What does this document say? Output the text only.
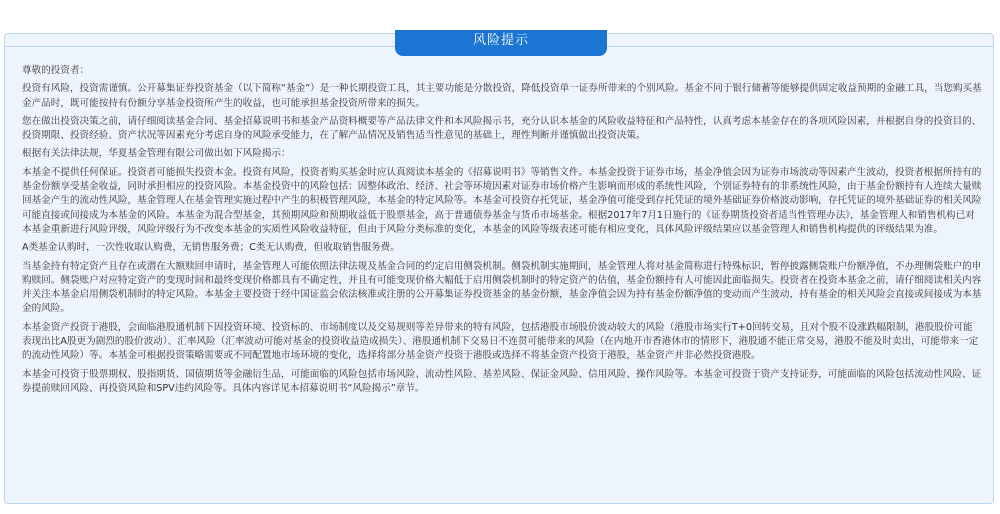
风险提示

尊敬的投资者：

投资有风险，投资需谨慎。公开募集证券投资基金（以下简称“基金”）是一种长期投资工具，其主要功能是分散投资，降低投资单一证券所带来的个别风险。基金不同于银行储蓄等能够提供固定收益预期的金融工具，当您购买基金产品时，既可能按持有份额分享基金投资所产生的收益，也可能承担基金投资所带来的损失。

您在做出投资决策之前，请仔细阅读基金合同、基金招募说明书和基金产品资料概要等产品法律文件和本风险揭示书，充分认识本基金的风险收益特征和产品特性，认真考虑本基金存在的各项风险因素，并根据自身的投资目的、投资期限、投资经验、资产状况等因素充分考虑自身的风险承受能力，在了解产品情况及销售适当性意见的基础上，理性判断并谨慎做出投资决策。

根据有关法律法规，华夏基金管理有限公司做出如下风险揭示：

本基金不提供任何保证。投资者可能损失投资本金。投资有风险，投资者购买基金时应认真阅读本基金的《招募说明书》等销售文件。本基金投资于证券市场，基金净值会因为证券市场波动等因素产生波动，投资者根据所持有的基金份额享受基金收益，同时承担相应的投资风险。本基金投资中的风险包括：因整体政治、经济、社会等环境因素对证券市场价格产生影响而形成的系统性风险，个别证券特有的非系统性风险，由于基金份额持有人连续大量赎回基金产生的流动性风险，基金管理人在基金管理实施过程中产生的积极管理风险，本基金的特定风险等。本基金可投资存托凭证，基金净值可能受到存托凭证的境外基础证券价格波动影响，存托凭证的境外基础证券的相关风险可能直接或间接成为本基金的风险。本基金为混合型基金，其预期风险和预期收益低于股票基金，高于普通债券基金与货币市场基金。根据2017年7月1日施行的《证券期货投资者适当性管理办法》，基金管理人和销售机构已对本基金重新进行风险评级，风险评级行为不改变本基金的实质性风险收益特征，但由于风险分类标准的变化，本基金的风险等级表述可能有相应变化，具体风险评级结果应以基金管理人和销售机构提供的评级结果为准。

A类基金认购时，一次性收取认购费，无销售服务费；C类无认购费，但收取销售服务费。

当基金持有特定资产且存在或潜在大额赎回申请时，基金管理人可能依照法律法规及基金合同的约定启用侧袋机制。侧袋机制实施期间，基金管理人将对基金简称进行特殊标识，暂停披露侧袋账户份额净值，不办理侧袋账户的申购赎回。侧袋账户对应特定资产的变现时间和最终变现价格都具有不确定性，并且有可能变现价格大幅低于启用侧袋机制时的特定资产的估值，基金份额持有人可能因此面临损失。投资者在投资本基金之前，请仔细阅读相关内容并关注本基金启用侧袋机制时的特定风险。本基金主要投资于经中国证监会依法核准或注册的公开募集证券投资基金的基金份额，基金净值会因为持有基金份额净值的变动而产生波动，持有基金的相关风险会直接或间接成为本基金的风险。

本基金资产投资于港股，会面临港股通机制下因投资环境、投资标的、市场制度以及交易规则等差异带来的特有风险，包括港股市场股价波动较大的风险（港股市场实行T+0回转交易，且对个股不设涨跌幅限制，港股股价可能表现出比A股更为剧烈的股价波动）、汇率风险（汇率波动可能对基金的投资收益造成损失）、港股通机制下交易日不连贯可能带来的风险（在内地开市香港休市的情形下，港股通不能正常交易，港股不能及时卖出，可能带来一定的流动性风险）等。本基金可根据投资策略需要或不同配置地市场环境的变化，选择将部分基金资产投资于港股或选择不将基金资产投资于港股，基金资产并非必然投资港股。

本基金可投资于股票期权、股指期货、国债期货等金融衍生品，可能面临的风险包括市场风险、流动性风险、基差风险、保证金风险、信用风险、操作风险等。本基金可投资于资产支持证券，可能面临的风险包括流动性风险、证券提前赎回风险、再投资风险和SPV违约风险等。具体内容详见本招募说明书“风险揭示”章节。
